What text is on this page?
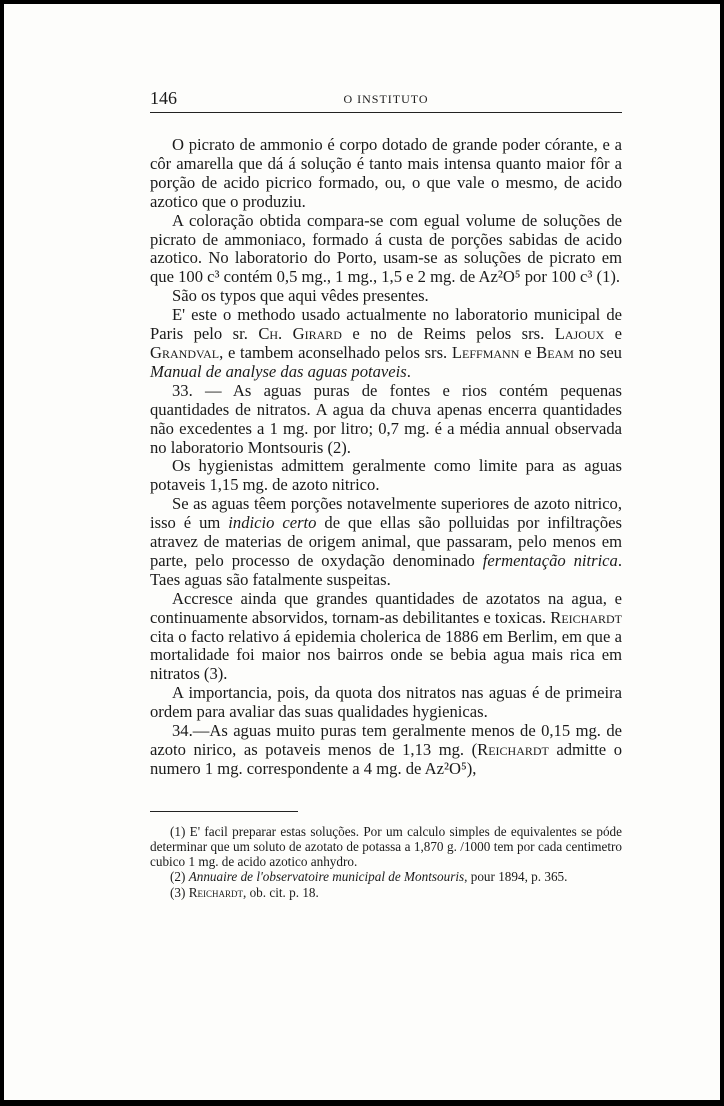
146	O INSTITUTO

O picrato de ammonio é corpo dotado de grande poder córante, e a côr amarella que dá á solução é tanto mais intensa quanto maior fôr a porção de acido picrico formado, ou, o que vale o mesmo, de acido azotico que o produziu.

A coloração obtida compara-se com egual volume de soluções de picrato de ammoniaco, formado á custa de porções sabidas de acido azotico. No laboratorio do Porto, usam-se as soluções de picrato em que 100 c³ contém 0,5 mg., 1 mg., 1,5 e 2 mg. de Az²O⁵ por 100 c³ (1).

São os typos que aqui vêdes presentes.

E' este o methodo usado actualmente no laboratorio municipal de Paris pelo sr. Ch. Girard e no de Reims pelos srs. Lajoux e Grandval, e tambem aconselhado pelos srs. Leffmann e Beam no seu Manual de analyse das aguas potaveis.

33. — As aguas puras de fontes e rios contém pequenas quantidades de nitratos. A agua da chuva apenas encerra quantidades não excedentes a 1 mg. por litro; 0,7 mg. é a média annual observada no laboratorio Montsouris (2).

Os hygienistas admittem geralmente como limite para as aguas potaveis 1,15 mg. de azoto nitrico.

Se as aguas têem porções notavelmente superiores de azoto nitrico, isso é um indicio certo de que ellas são polluidas por infiltrações atravez de materias de origem animal, que passaram, pelo menos em parte, pelo processo de oxydação denominado fermentação nitrica. Taes aguas são fatalmente suspeitas.

Accresce ainda que grandes quantidades de azotatos na agua, e continuamente absorvidos, tornam-as debilitantes e toxicas. Reichardt cita o facto relativo á epidemia cholerica de 1886 em Berlim, em que a mortalidade foi maior nos bairros onde se bebia agua mais rica em nitratos (3).

A importancia, pois, da quota dos nitratos nas aguas é de primeira ordem para avaliar das suas qualidades hygienicas.

34.—As aguas muito puras tem geralmente menos de 0,15 mg. de azoto nirico, as potaveis menos de 1,13 mg. (Reichardt admitte o numero 1 mg. correspondente a 4 mg. de Az²O⁵),

(1) E' facil preparar estas soluções. Por um calculo simples de equivalentes se póde determinar que um soluto de azotato de potassa a 1,870 g. /1000 tem por cada centimetro cubico 1 mg. de acido azotico anhydro.

(2) Annuaire de l'observatoire municipal de Montsouris, pour 1894, p. 365.

(3) Reichardt, ob. cit. p. 18.
